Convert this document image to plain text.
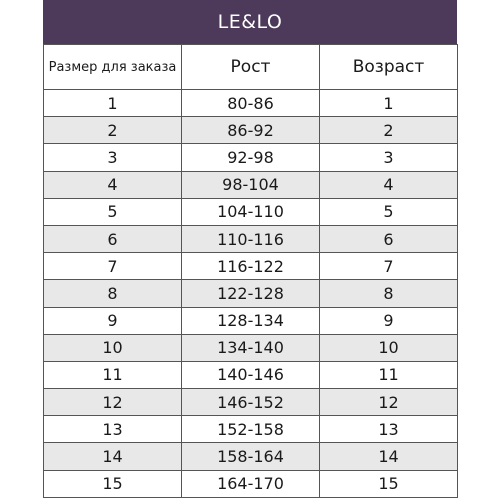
LE&LO
Размер для заказа	Рост	Возраст
1	80-86	1
2	86-92	2
3	92-98	3
4	98-104	4
5	104-110	5
6	110-116	6
7	116-122	7
8	122-128	8
9	128-134	9
10	134-140	10
11	140-146	11
12	146-152	12
13	152-158	13
14	158-164	14
15	164-170	15
